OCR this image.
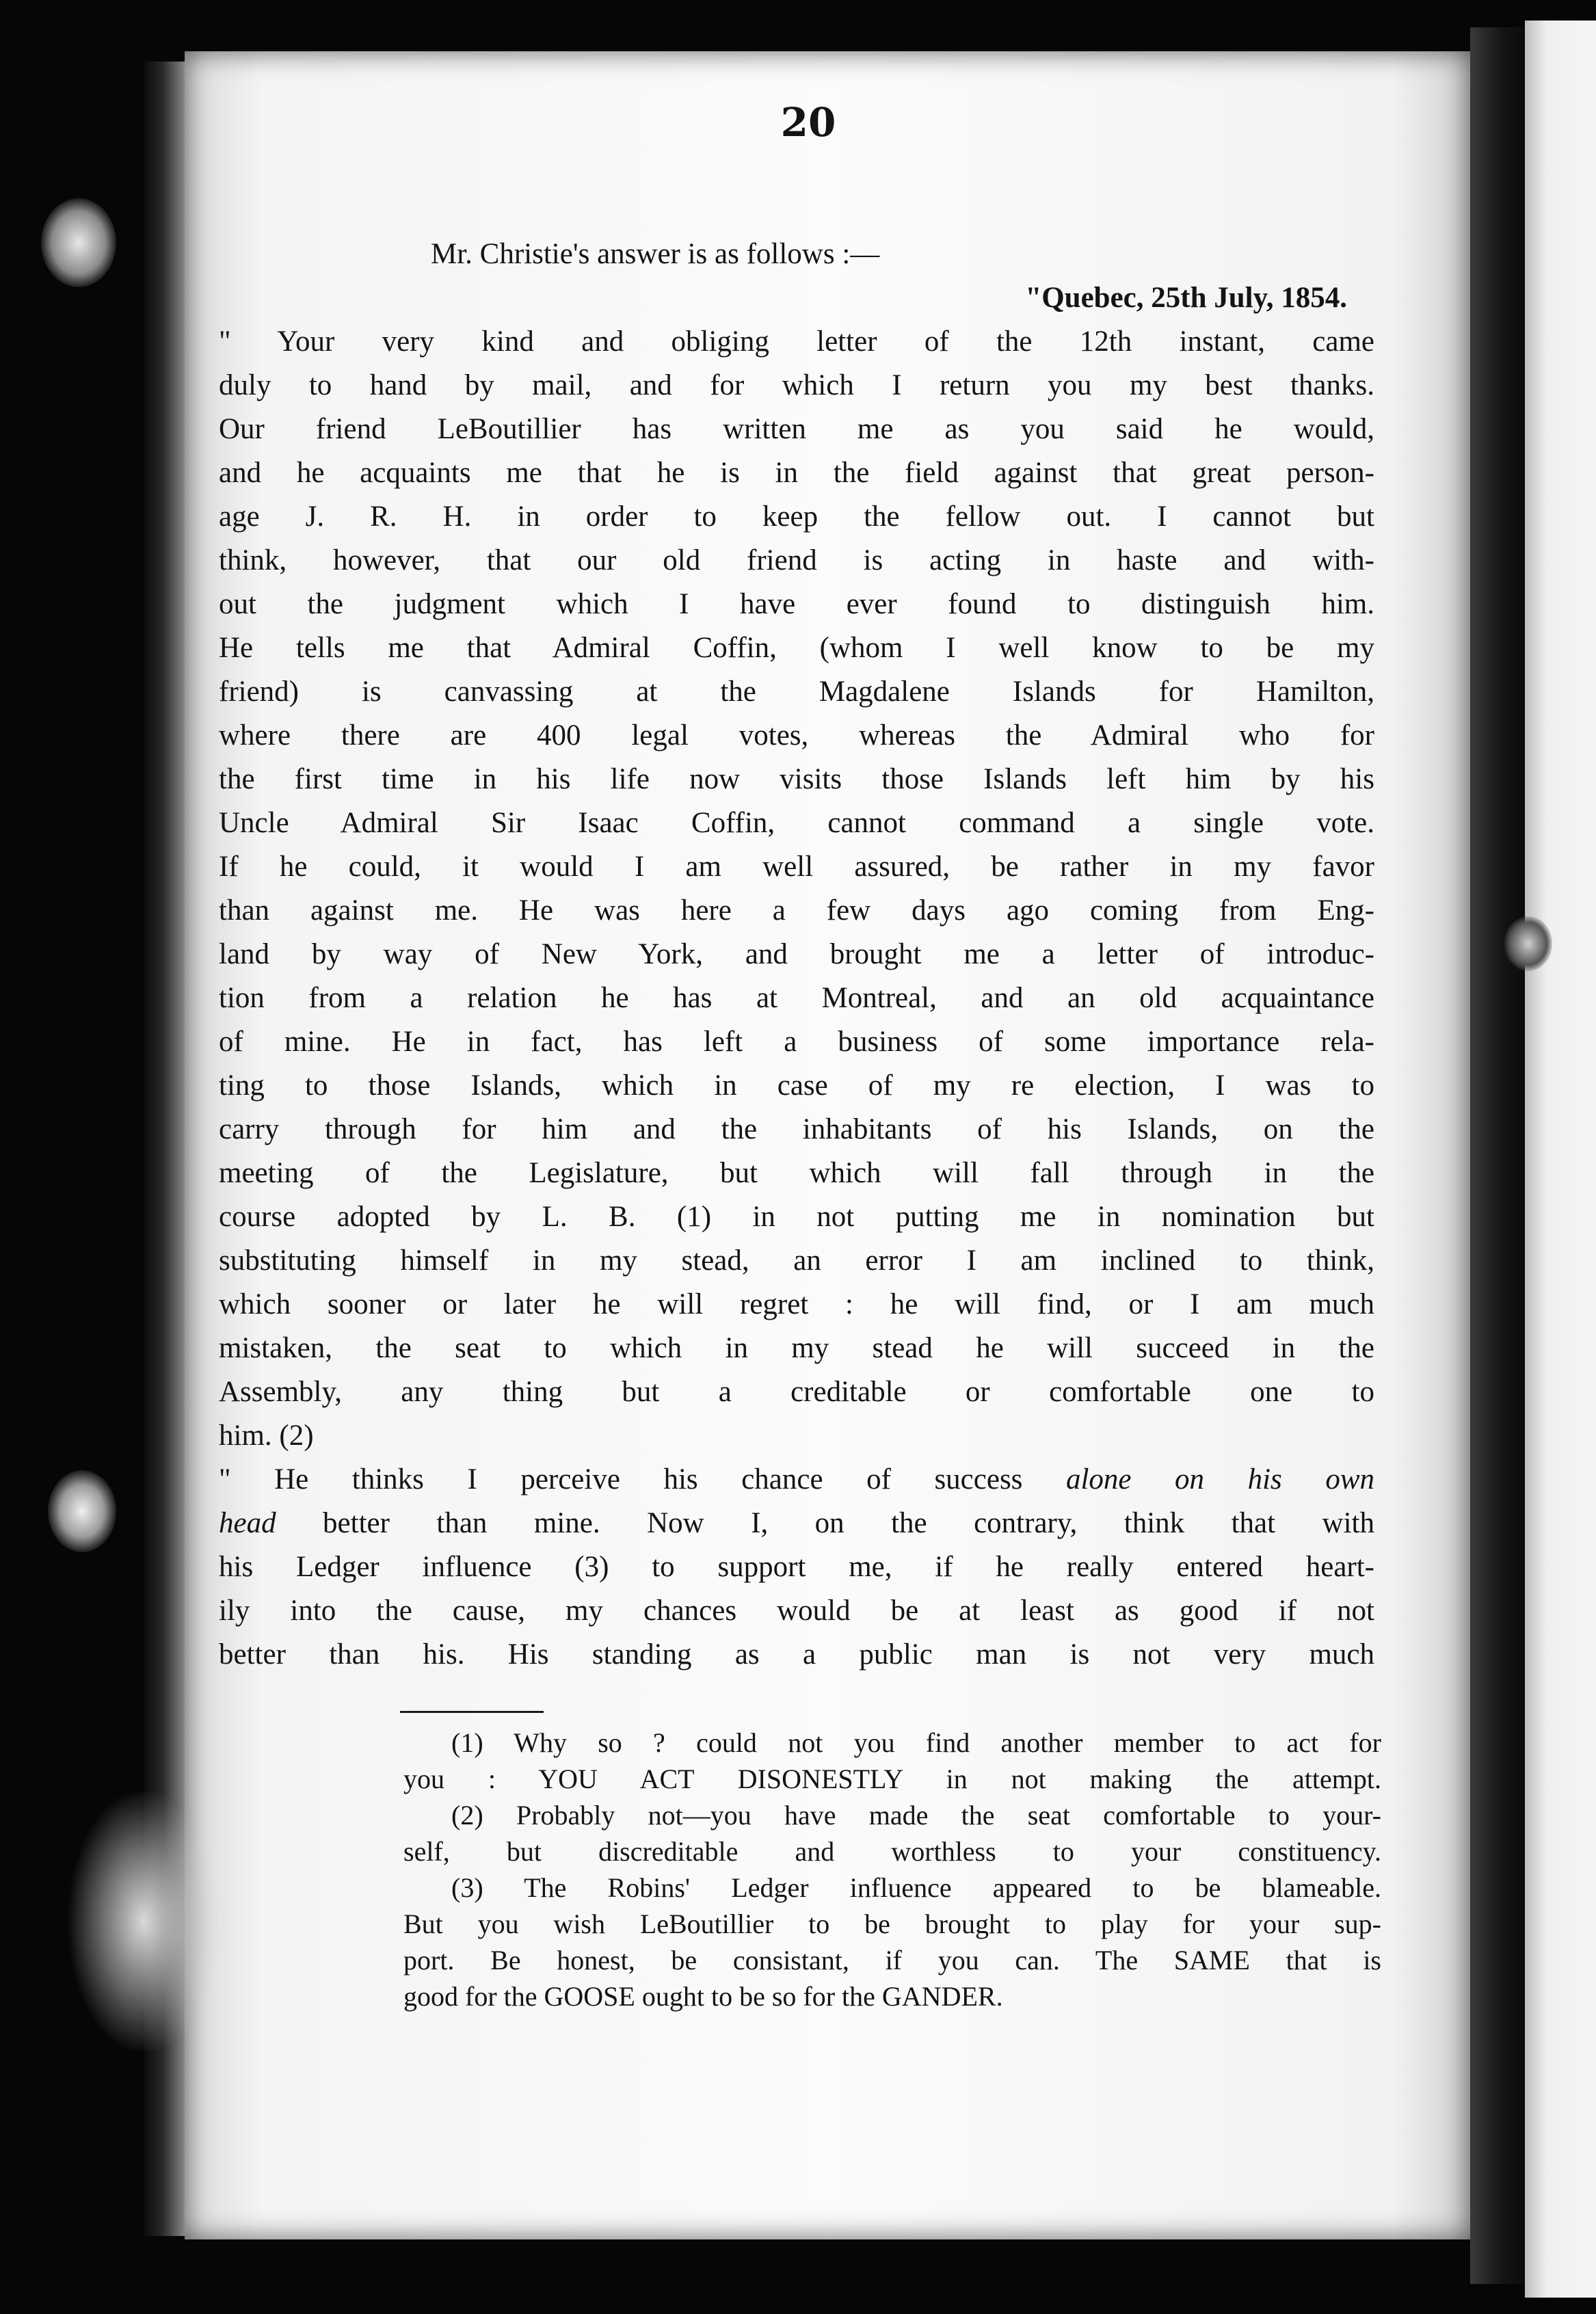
20
Mr. Christie's answer is as follows :—
"Quebec, 25th July, 1854.
" Your very kind and obliging letter of the 12th instant, came
duly to hand by mail, and for which I return you my best thanks.
Our friend LeBoutillier has written me as you said he would,
and he acquaints me that he is in the field against that great person-
age J. R. H. in order to keep the fellow out. I cannot but
think, however, that our old friend is acting in haste and with-
out the judgment which I have ever found to distinguish him.
He tells me that Admiral Coffin, (whom I well know to be my
friend) is canvassing at the Magdalene Islands for Hamilton,
where there are 400 legal votes, whereas the Admiral who for
the first time in his life now visits those Islands left him by his
Uncle Admiral Sir Isaac Coffin, cannot command a single vote.
If he could, it would I am well assured, be rather in my favor
than against me. He was here a few days ago coming from Eng-
land by way of New York, and brought me a letter of introduc-
tion from a relation he has at Montreal, and an old acquaintance
of mine. He in fact, has left a business of some importance rela-
ting to those Islands, which in case of my re election, I was to
carry through for him and the inhabitants of his Islands, on the
meeting of the Legislature, but which will fall through in the
course adopted by L. B. (1) in not putting me in nomination but
substituting himself in my stead, an error I am inclined to think,
which sooner or later he will regret : he will find, or I am much
mistaken, the seat to which in my stead he will succeed in the
Assembly, any thing but a creditable or comfortable one to
him. (2)
" He thinks I perceive his chance of success alone on his own
head better than mine. Now I, on the contrary, think that with
his Ledger influence (3) to support me, if he really entered heart-
ily into the cause, my chances would be at least as good if not
better than his. His standing as a public man is not very much
(1) Why so ? could not you find another member to act for
you : YOU ACT DISONESTLY in not making the attempt.
(2) Probably not—you have made the seat comfortable to your-
self, but discreditable and worthless to your constituency.
(3) The Robins' Ledger influence appeared to be blameable.
But you wish LeBoutillier to be brought to play for your sup-
port. Be honest, be consistant, if you can. The SAME that is
good for the GOOSE ought to be so for the GANDER.
